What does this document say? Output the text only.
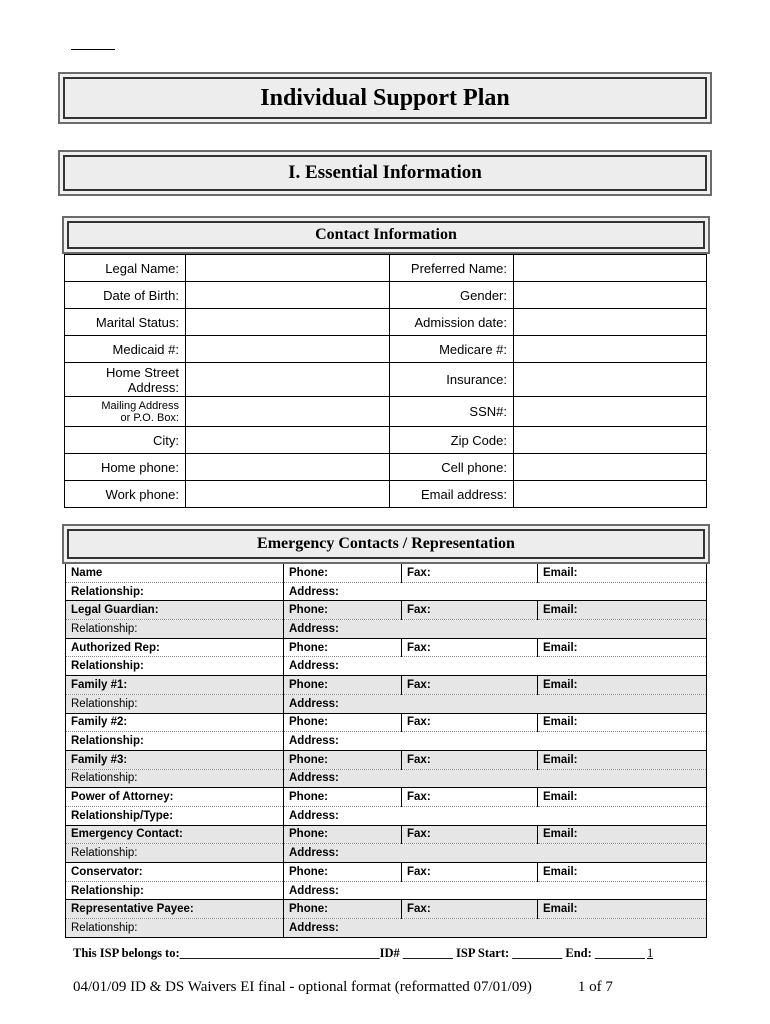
Individual Support Plan
I. Essential Information
Contact Information
Legal Name:		Preferred Name:	
Date of Birth:		Gender:	
Marital Status:		Admission date:	
Medicaid #:		Medicare #:	
Home Street
Address:		Insurance:	
Mailing Address
or P.O. Box:		SSN#:	
City:		Zip Code:	
Home phone:		Cell phone:	
Work phone:		Email address:	
Emergency Contacts / Representation
Name	Phone:	Fax:	Email:
Relationship:	Address:		
Legal Guardian:	Phone:	Fax:	Email:
Relationship:	Address:		
Authorized Rep:	Phone:	Fax:	Email:
Relationship:	Address:		
Family #1:	Phone:	Fax:	Email:
Relationship:	Address:		
Family #2:	Phone:	Fax:	Email:
Relationship:	Address:		
Family #3:	Phone:	Fax:	Email:
Relationship:	Address:		
Power of Attorney:	Phone:	Fax:	Email:
Relationship/Type:	Address:		
Emergency Contact:	Phone:	Fax:	Email:
Relationship:	Address:		
Conservator:	Phone:	Fax:	Email:
Relationship:	Address:		
Representative Payee:	Phone:	Fax:	Email:
Relationship:	Address:		
This ISP belongs to:________________________________ID# ________ ISP Start: ________ End: ________ 1
04/01/09 ID & DS Waivers EI final - optional format (reformatted 07/01/09)	1 of 7
